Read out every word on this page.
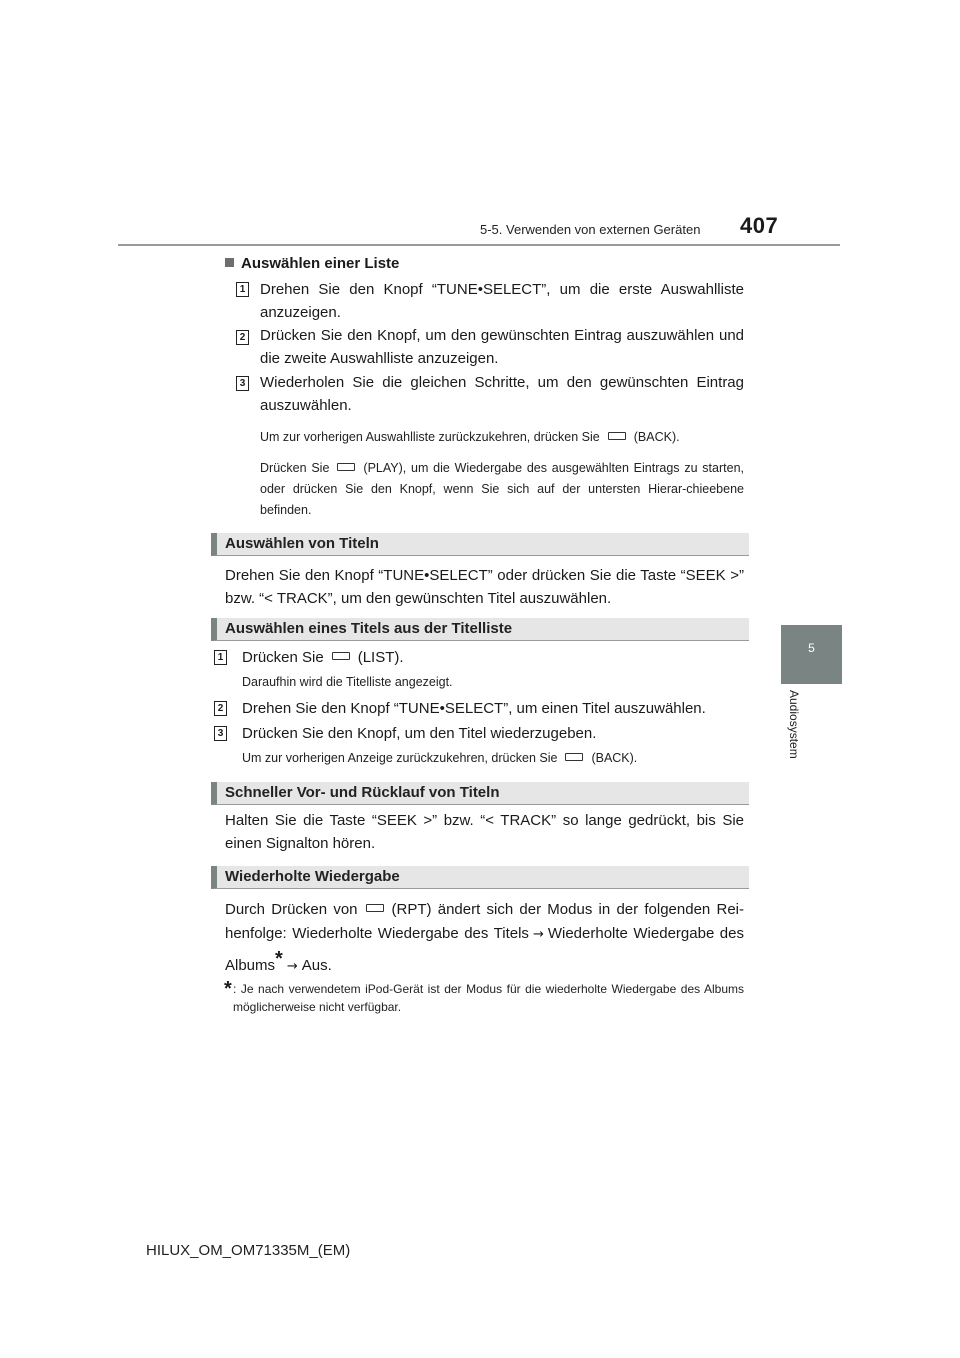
5-5. Verwenden von externen Geräten 407
5
Audiosystem
Auswählen einer Liste
1 Drehen Sie den Knopf “TUNE•SELECT”, um die erste Auswahlliste anzuzeigen.
2 Drücken Sie den Knopf, um den gewünschten Eintrag auszuwählen und die zweite Auswahlliste anzuzeigen.
3 Wiederholen Sie die gleichen Schritte, um den gewünschten Eintrag auszuwählen.
Um zur vorherigen Auswahlliste zurückzukehren, drücken Sie	(BACK).
Drücken Sie	(PLAY), um die Wiedergabe des ausgewählten Eintrags zu starten, oder drücken Sie den Knopf, wenn Sie sich auf der untersten Hierar-chieebene befinden.
Auswählen von Titeln
Drehen Sie den Knopf “TUNE•SELECT” oder drücken Sie die Taste “SEEK >” bzw. “< TRACK”, um den gewünschten Titel auszuwählen.
Auswählen eines Titels aus der Titelliste
1 Drücken Sie (LIST).
Daraufhin wird die Titelliste angezeigt.
2 Drehen Sie den Knopf “TUNE•SELECT”, um einen Titel auszuwählen.
3 Drücken Sie den Knopf, um den Titel wiederzugeben.
Um zur vorherigen Anzeige zurückzukehren, drücken Sie	(BACK).
Schneller Vor- und Rücklauf von Titeln
Halten Sie die Taste “SEEK >” bzw. “< TRACK” so lange gedrückt, bis Sie einen Signalton hören.
Wiederholte Wiedergabe
Durch Drücken von (RPT) ändert sich der Modus in der folgenden Rei-henfolge: Wiederholte Wiedergabe des Titels → Wiederholte Wiedergabe des Albums* → Aus.
* : Je nach verwendetem iPod-Gerät ist der Modus für die wiederholte Wiedergabe des Albums möglicherweise nicht verfügbar.
HILUX_OM_OM71335M_(EM)
